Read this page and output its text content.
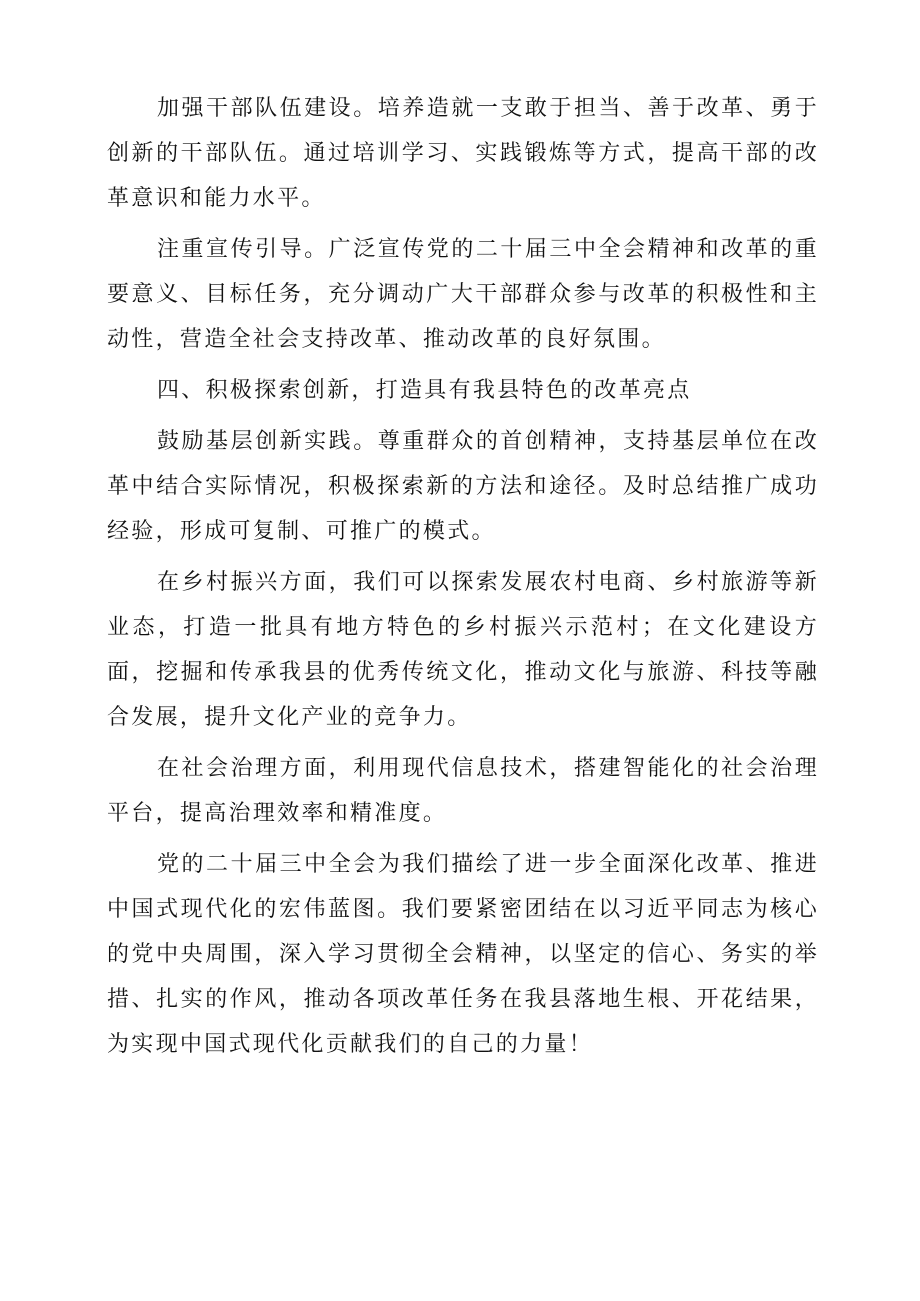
加强干部队伍建设。培养造就一支敢于担当、善于改革、勇于创新的干部队伍。通过培训学习、实践锻炼等方式，提高干部的改革意识和能力水平。

注重宣传引导。广泛宣传党的二十届三中全会精神和改革的重要意义、目标任务，充分调动广大干部群众参与改革的积极性和主动性，营造全社会支持改革、推动改革的良好氛围。

四、积极探索创新，打造具有我县特色的改革亮点

鼓励基层创新实践。尊重群众的首创精神，支持基层单位在改革中结合实际情况，积极探索新的方法和途径。及时总结推广成功经验，形成可复制、可推广的模式。

在乡村振兴方面，我们可以探索发展农村电商、乡村旅游等新业态，打造一批具有地方特色的乡村振兴示范村；在文化建设方面，挖掘和传承我县的优秀传统文化，推动文化与旅游、科技等融合发展，提升文化产业的竞争力。

在社会治理方面，利用现代信息技术，搭建智能化的社会治理平台，提高治理效率和精准度。

党的二十届三中全会为我们描绘了进一步全面深化改革、推进中国式现代化的宏伟蓝图。我们要紧密团结在以习近平同志为核心的党中央周围，深入学习贯彻全会精神，以坚定的信心、务实的举措、扎实的作风，推动各项改革任务在我县落地生根、开花结果，为实现中国式现代化贡献我们的自己的力量！
